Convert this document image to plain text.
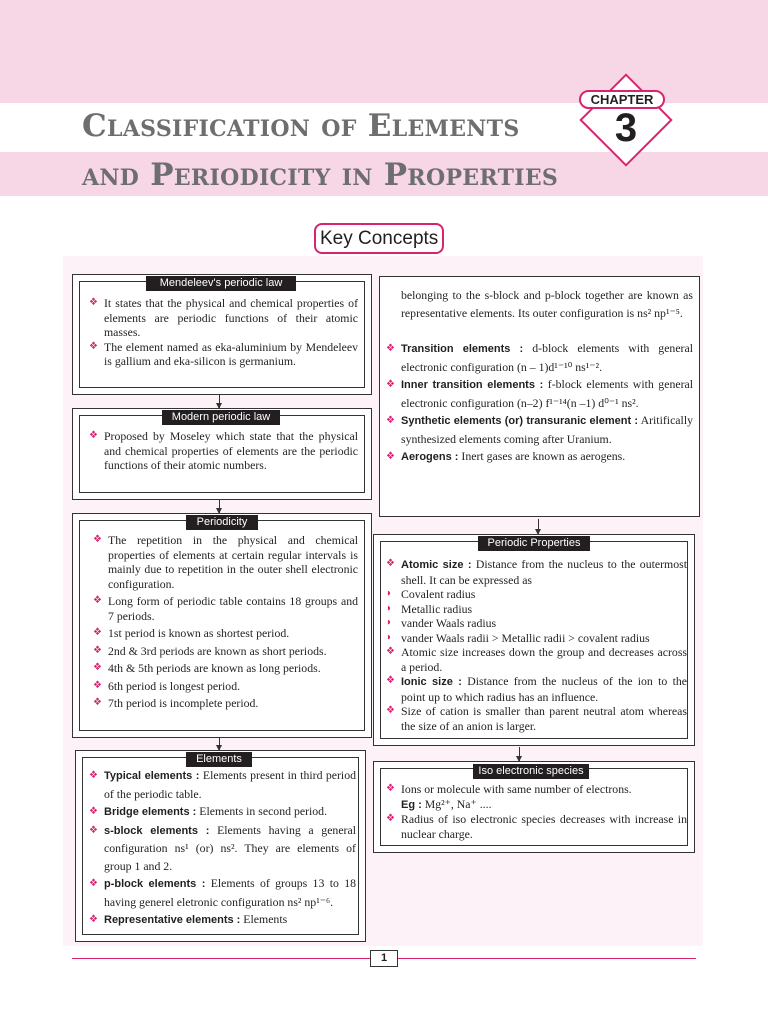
Classification of Elements
and Periodicity in Properties
CHAPTER
3
Key Concepts
Mendeleev's periodic law
❖ It states that the physical and chemical properties of elements are periodic functions of their atomic masses.
❖ The element named as eka-aluminium by Mendeleev is gallium and eka-silicon is germanium.
Modern periodic law
❖ Proposed by Moseley which state that the physical and chemical properties of elements are the periodic functions of their atomic numbers.
Periodicity
❖ The repetition in the physical and chemical properties of elements at certain regular intervals is mainly due to repetition in the outer shell electronic configuration.
❖ Long form of periodic table contains 18 groups and 7 periods.
❖ 1st period is known as shortest period.
❖ 2nd & 3rd periods are known as short periods.
❖ 4th & 5th periods are known as long periods.
❖ 6th period is longest period.
❖ 7th period is incomplete period.
Elements
❖ Typical elements : Elements present in third period of the periodic table.
❖ Bridge elements : Elements in second period.
❖ s-block elements : Elements having a general configuration ns¹ (or) ns². They are elements of group 1 and 2.
❖ p-block elements : Elements of groups 13 to 18 having generel eletronic configuration ns² np¹⁻⁶.
❖ Representative elements : Elements
belonging to the s-block and p-block together are known as representative elements. Its outer configuration is ns² np¹⁻⁵.
❖ Transition elements : d-block elements with general electronic configuration (n – 1)d¹⁻¹⁰ ns¹⁻².
❖ Inner transition elements : f-block elements with general electronic configuration (n–2) f¹⁻¹⁴(n –1) d⁰⁻¹ ns².
❖ Synthetic elements (or) transuranic element : Aritifically synthesized elements coming after Uranium.
❖ Aerogens : Inert gases are known as aerogens.
Periodic Properties
❖ Atomic size : Distance from the nucleus to the outermost shell. It can be expressed as
◗ Covalent radius
◗ Metallic radius
◗ vander Waals radius
◗ vander Waals radii > Metallic radii > covalent radius
❖ Atomic size increases down the group and decreases across a period.
❖ Ionic size : Distance from the nucleus of the ion to the point up to which radius has an influence.
❖ Size of cation is smaller than parent neutral atom whereas the size of an anion is larger.
Iso electronic species
❖ Ions or molecule with same number of electrons.
Eg : Mg²⁺, Na⁺ ....
❖ Radius of iso electronic species decreases with increase in nuclear charge.
1
